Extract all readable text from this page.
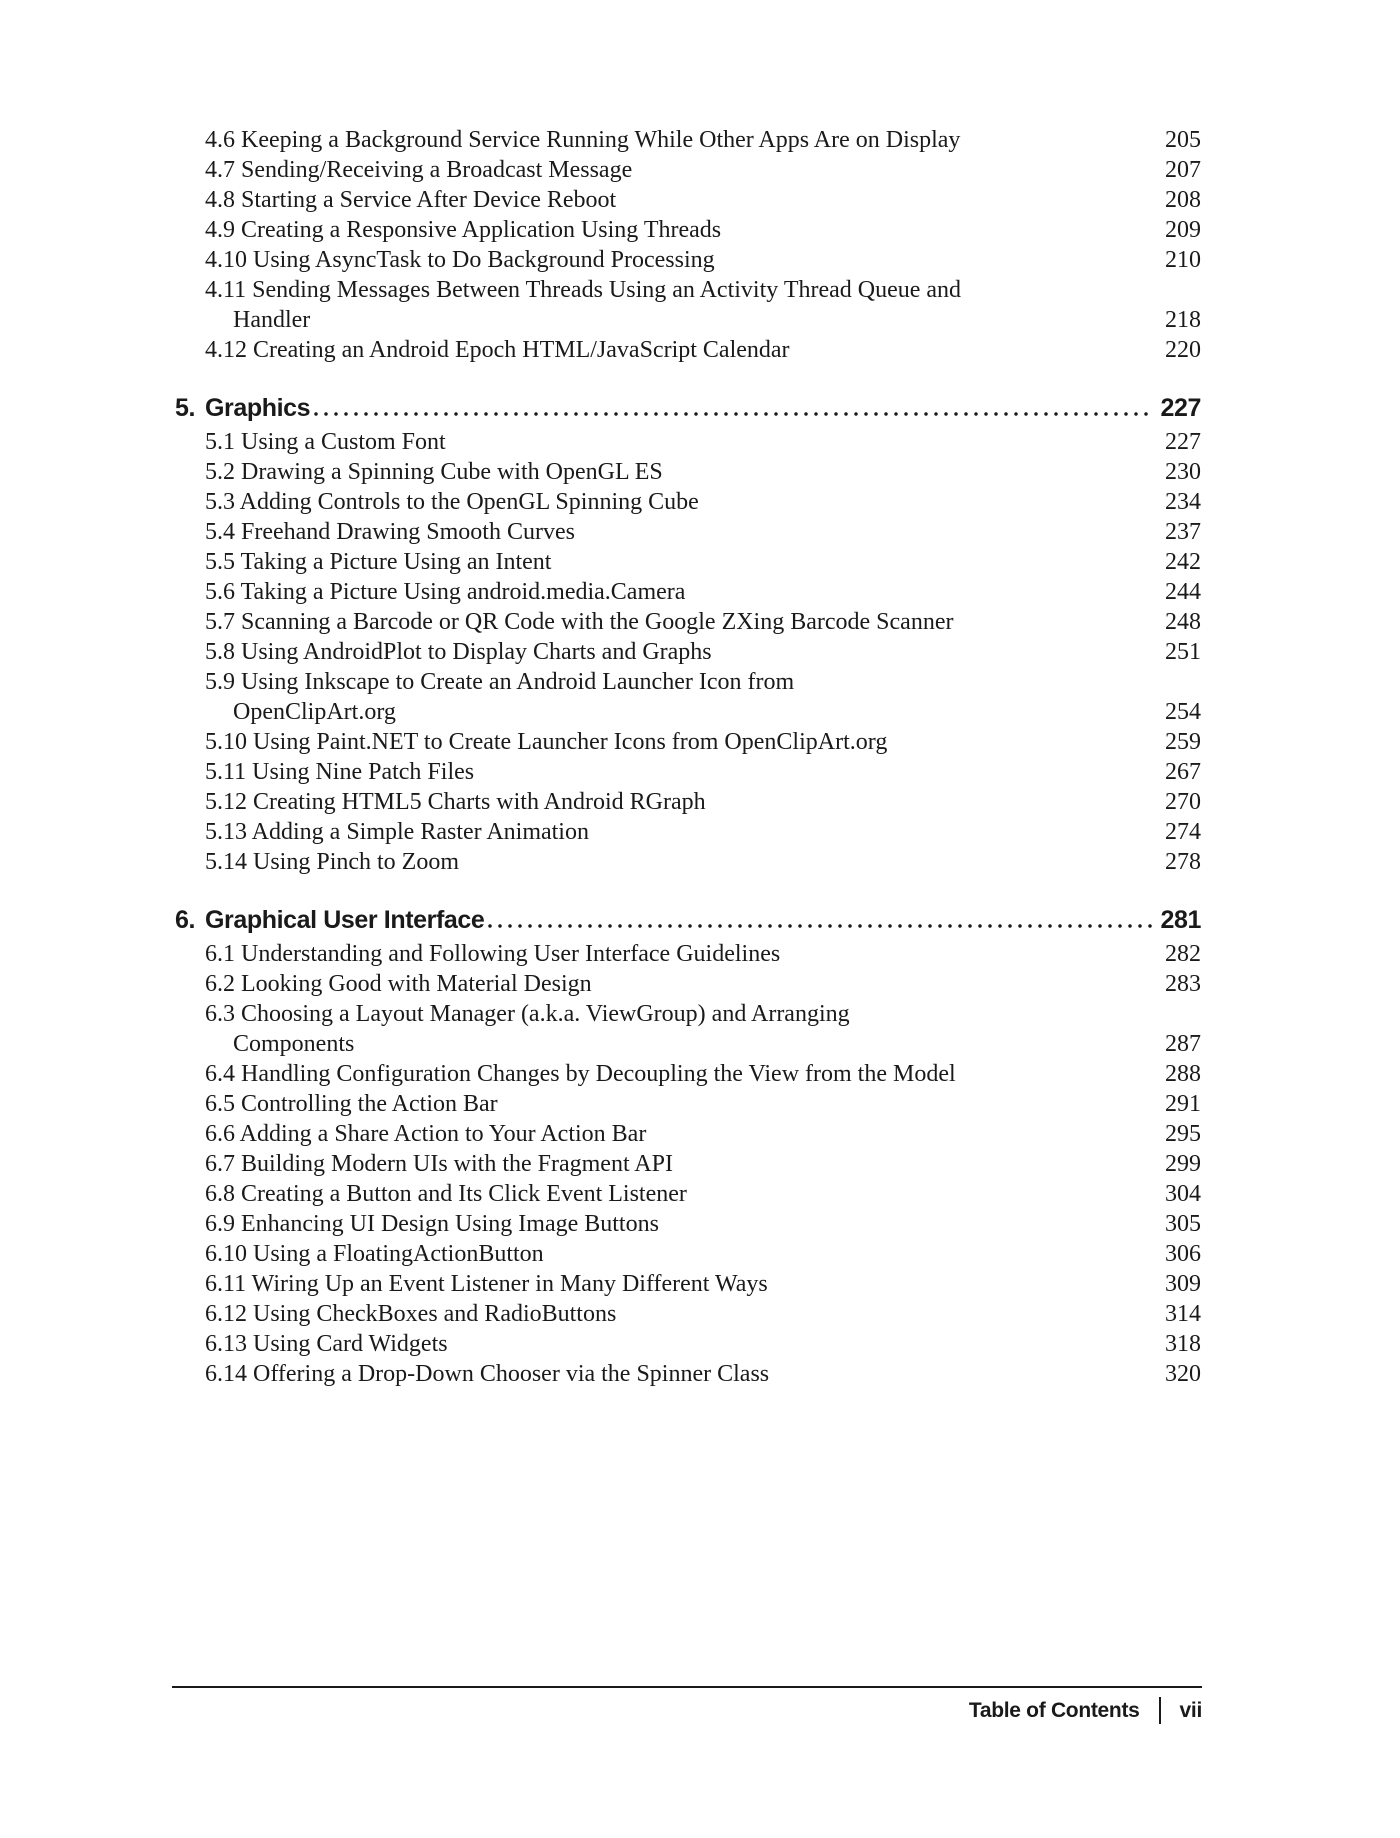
4.6 Keeping a Background Service Running While Other Apps Are on Display	205
4.7 Sending/Receiving a Broadcast Message	207
4.8 Starting a Service After Device Reboot	208
4.9 Creating a Responsive Application Using Threads	209
4.10 Using AsyncTask to Do Background Processing	210
4.11 Sending Messages Between Threads Using an Activity Thread Queue and
Handler	218
4.12 Creating an Android Epoch HTML/JavaScript Calendar	220
5. Graphics	227
5.1 Using a Custom Font	227
5.2 Drawing a Spinning Cube with OpenGL ES	230
5.3 Adding Controls to the OpenGL Spinning Cube	234
5.4 Freehand Drawing Smooth Curves	237
5.5 Taking a Picture Using an Intent	242
5.6 Taking a Picture Using android.media.Camera	244
5.7 Scanning a Barcode or QR Code with the Google ZXing Barcode Scanner	248
5.8 Using AndroidPlot to Display Charts and Graphs	251
5.9 Using Inkscape to Create an Android Launcher Icon from
OpenClipArt.org	254
5.10 Using Paint.NET to Create Launcher Icons from OpenClipArt.org	259
5.11 Using Nine Patch Files	267
5.12 Creating HTML5 Charts with Android RGraph	270
5.13 Adding a Simple Raster Animation	274
5.14 Using Pinch to Zoom	278
6. Graphical User Interface	281
6.1 Understanding and Following User Interface Guidelines	282
6.2 Looking Good with Material Design	283
6.3 Choosing a Layout Manager (a.k.a. ViewGroup) and Arranging
Components	287
6.4 Handling Configuration Changes by Decoupling the View from the Model	288
6.5 Controlling the Action Bar	291
6.6 Adding a Share Action to Your Action Bar	295
6.7 Building Modern UIs with the Fragment API	299
6.8 Creating a Button and Its Click Event Listener	304
6.9 Enhancing UI Design Using Image Buttons	305
6.10 Using a FloatingActionButton	306
6.11 Wiring Up an Event Listener in Many Different Ways	309
6.12 Using CheckBoxes and RadioButtons	314
6.13 Using Card Widgets	318
6.14 Offering a Drop-Down Chooser via the Spinner Class	320
Table of Contents vii
